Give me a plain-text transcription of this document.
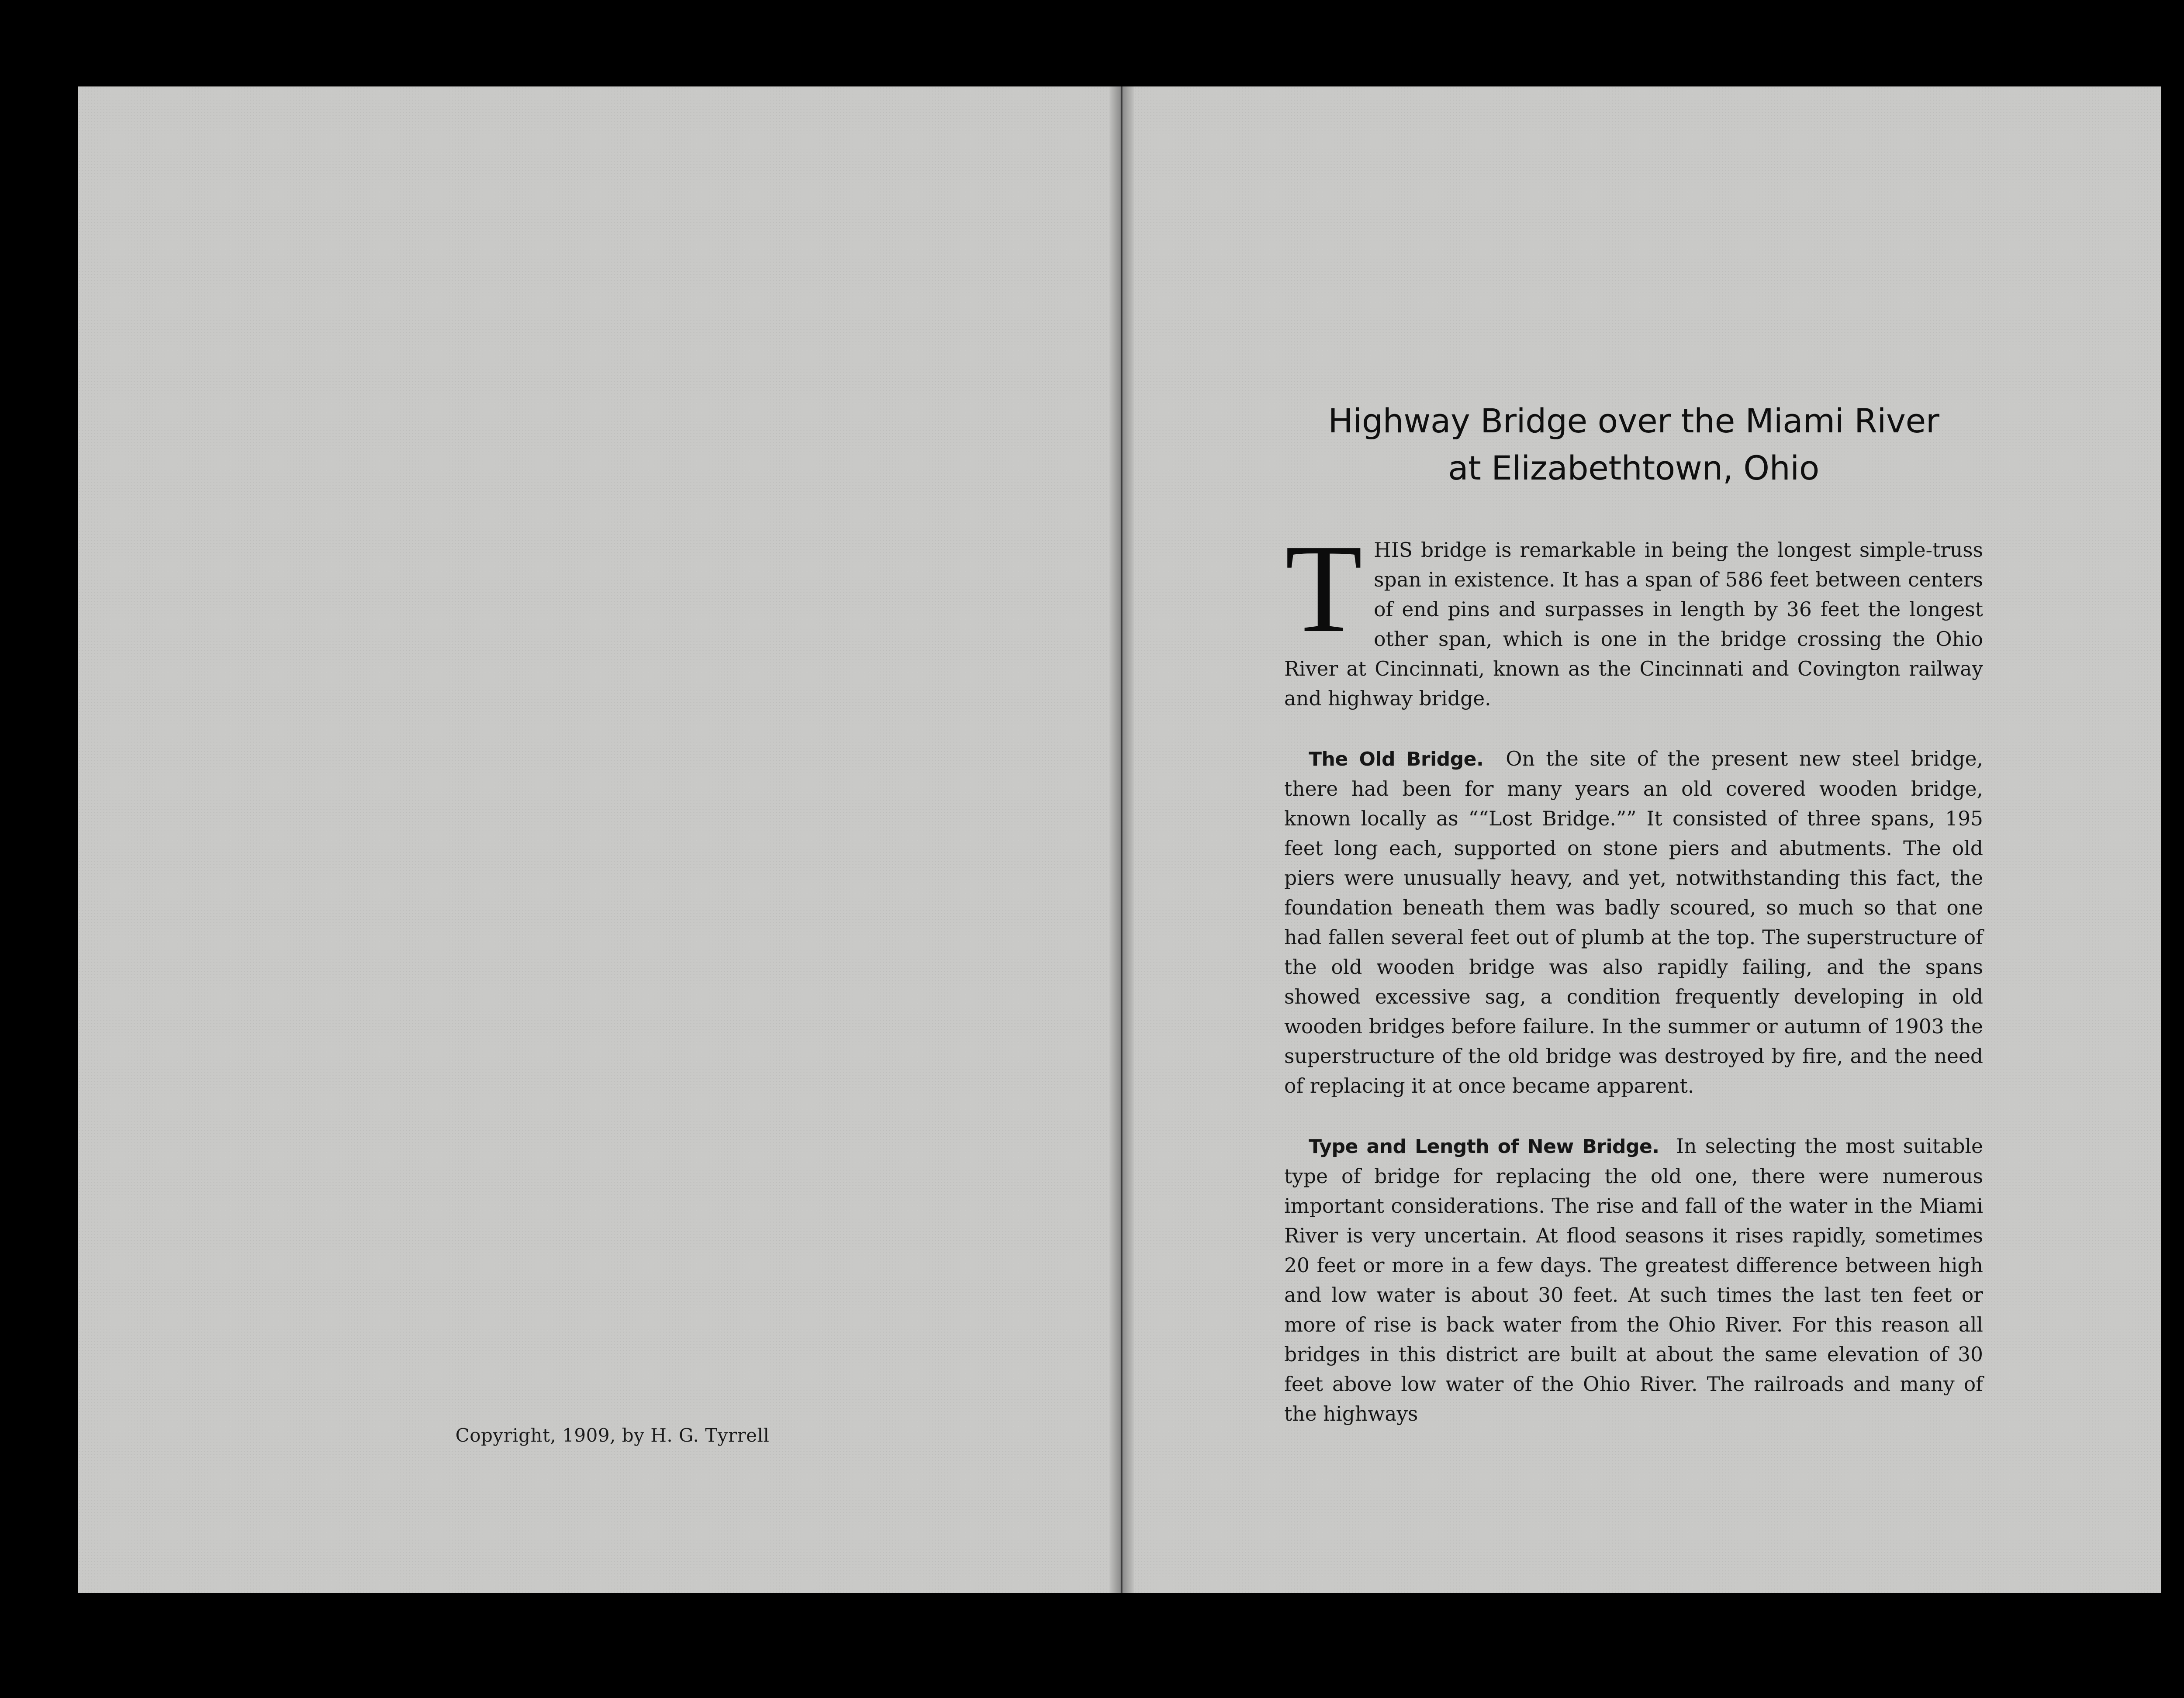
Copyright, 1909, by H. G. Tyrrell

Highway Bridge over the Miami River
at Elizabethtown, Ohio

THIS bridge is remarkable in being the longest simple-truss span in existence. It has a span of 586 feet between centers of end pins and surpasses in length by 36 feet the longest other span, which is one in the bridge crossing the Ohio River at Cincinnati, known as the Cincinnati and Covington railway and highway bridge.

The Old Bridge. On the site of the present new steel bridge, there had been for many years an old covered wooden bridge, known locally as ““Lost Bridge.”” It consisted of three spans, 195 feet long each, supported on stone piers and abutments. The old piers were unusually heavy, and yet, notwithstanding this fact, the foundation beneath them was badly scoured, so much so that one had fallen several feet out of plumb at the top. The superstructure of the old wooden bridge was also rapidly failing, and the spans showed excessive sag, a condition frequently developing in old wooden bridges before failure. In the summer or autumn of 1903 the superstructure of the old bridge was destroyed by fire, and the need of replacing it at once became apparent.

Type and Length of New Bridge. In selecting the most suitable type of bridge for replacing the old one, there were numerous important considerations. The rise and fall of the water in the Miami River is very uncertain. At flood seasons it rises rapidly, sometimes 20 feet or more in a few days. The greatest difference between high and low water is about 30 feet. At such times the last ten feet or more of rise is back water from the Ohio River. For this reason all bridges in this district are built at about the same elevation of 30 feet above low water of the Ohio River. The railroads and many of the highways
